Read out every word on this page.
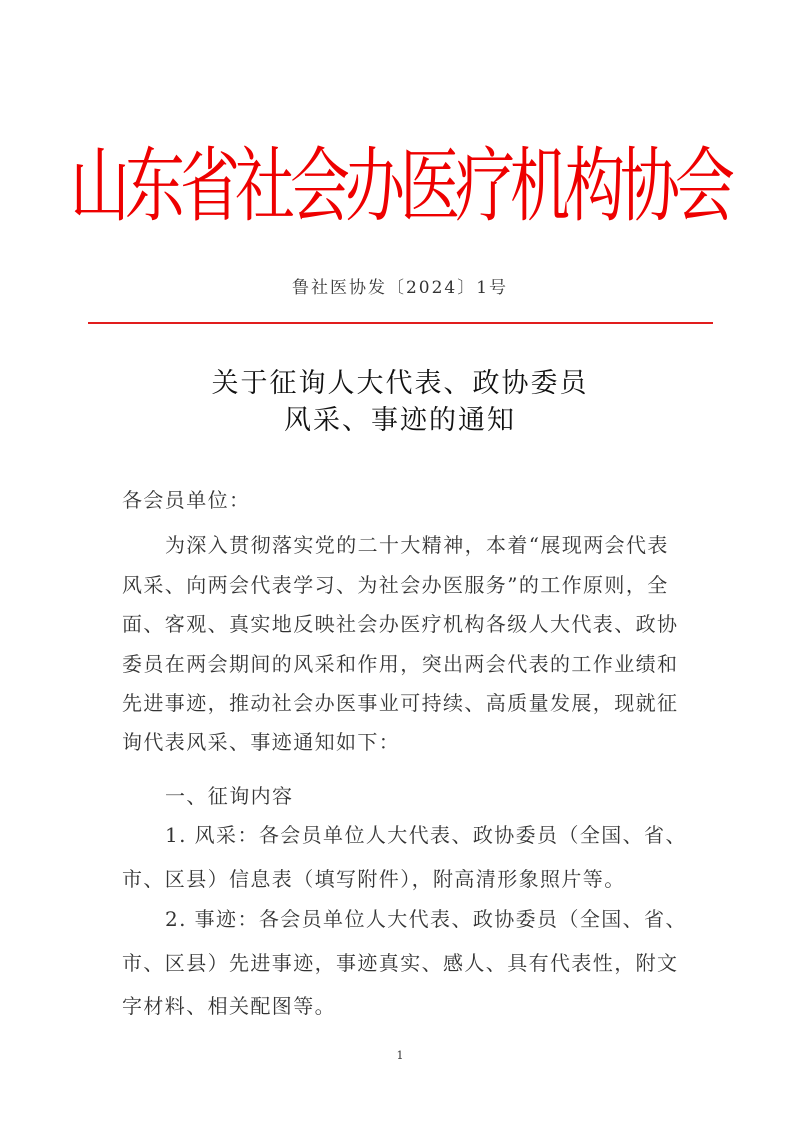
山东省社会办医疗机构协会
鲁社医协发〔2024〕1号
关于征询人大代表、政协委员
风采、事迹的通知
各会员单位：
为深入贯彻落实党的二十大精神，本着“展现两会代表
风采、向两会代表学习、为社会办医服务”的工作原则，全
面、客观、真实地反映社会办医疗机构各级人大代表、政协
委员在两会期间的风采和作用，突出两会代表的工作业绩和
先进事迹，推动社会办医事业可持续、高质量发展，现就征
询代表风采、事迹通知如下：
一、征询内容
1. 风采：各会员单位人大代表、政协委员（全国、省、
市、区县）信息表（填写附件），附高清形象照片等。
2. 事迹：各会员单位人大代表、政协委员（全国、省、
市、区县）先进事迹，事迹真实、感人、具有代表性，附文
字材料、相关配图等。
1
